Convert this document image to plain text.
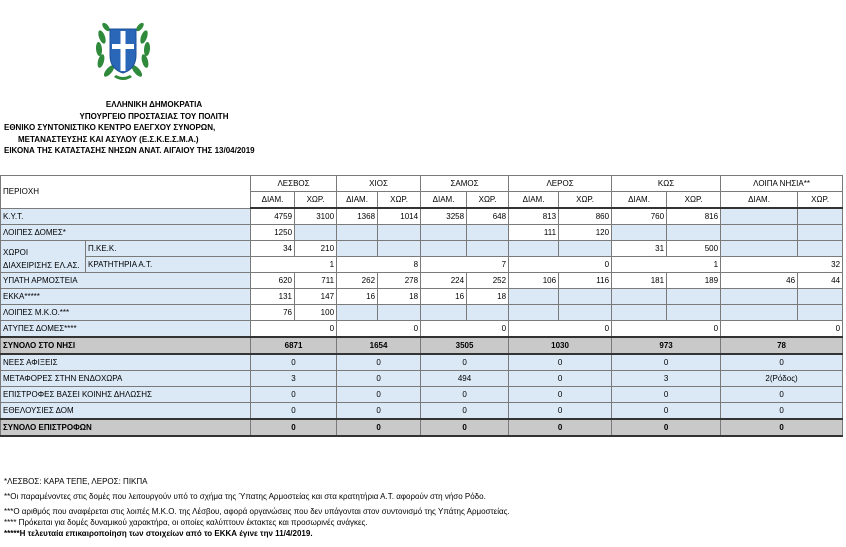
ΕΛΛΗΝΙΚΗ ΔΗΜΟΚΡΑΤΙΑ
ΥΠΟΥΡΓΕΙΟ ΠΡΟΣΤΑΣΙΑΣ ΤΟΥ ΠΟΛΙΤΗ
ΕΘΝΙΚΟ ΣΥΝΤΟΝΙΣΤΙΚΟ ΚΕΝΤΡΟ ΕΛΕΓΧΟΥ ΣΥΝΟΡΩΝ,
ΜΕΤΑΝΑΣΤΕΥΣΗΣ ΚΑΙ ΑΣΥΛΟΥ (Ε.Σ.Κ.Ε.Σ.Μ.Α.)
ΕΙΚΟΝΑ ΤΗΣ ΚΑΤΑΣΤΑΣΗΣ ΝΗΣΩΝ ΑΝΑΤ. ΑΙΓΑΙΟΥ ΤΗΣ 13/04/2019
ΠΕΡΙΟΧΗ		ΛΕΣΒΟΣ		ΧΙΟΣ		ΣΑΜΟΣ		ΛΕΡΟΣ		ΚΩΣ		ΛΟΙΠΑ ΝΗΣΙΑ**	
		ΔΙΑΜ.	ΧΩΡ.	ΔΙΑΜ.	ΧΩΡ.	ΔΙΑΜ.	ΧΩΡ.	ΔΙΑΜ.	ΧΩΡ.	ΔΙΑΜ.	ΧΩΡ.	ΔΙΑΜ.	ΧΩΡ.
Κ.Υ.Τ.		4759	3100	1368	1014	3258	648	813	860	760	816		
ΛΟΙΠΕΣ ΔΟΜΕΣ*		1250						111	120				

ΧΩΡΟΙ
ΔΙΑΧΕΙΡΙΣΗΣ ΕΛ.ΑΣ.	Π.ΚΕ.Κ.	34	210							31	500		
	ΚΡΑΤΗΤΗΡΙΑ Α.Τ.	1		8		7		0		1		32	
ΥΠΑΤΗ ΑΡΜΟΣΤΕΙΑ		620	711	262	278	224	252	106	116	181	189	46	44
ΕΚΚΑ*****		131	147	16	18	16	18						
ΛΟΙΠΕΣ Μ.Κ.Ο.***		76	100										
ΑΤΥΠΕΣ ΔΟΜΕΣ****		0		0		0		0		0		0	
ΣΥΝΟΛΟ ΣΤΟ ΝΗΣΙ		6871		1654		3505		1030		973		78	
ΝΕΕΣ ΑΦΙΞΕΙΣ		0		0		0		0		0		0	
ΜΕΤΑΦΟΡΕΣ ΣΤΗΝ ΕΝΔΟΧΩΡΑ		3		0		494		0		3		2(Ρόδος)	
ΕΠΙΣΤΡΟΦΕΣ ΒΑΣΕΙ ΚΟΙΝΗΣ ΔΗΛΩΣΗΣ		0		0		0		0		0		0	
ΕΘΕΛΟΥΣΙΕΣ ΔΟΜ		0		0		0		0		0		0	
ΣΥΝΟΛΟ ΕΠΙΣΤΡΟΦΩΝ		0		0		0		0		0		0	
*ΛΕΣΒΟΣ: ΚΑΡΑ ΤΕΠΕ, ΛΕΡΟΣ: ΠΙΚΠΑ
**Οι παραμένοντες στις δομές που λειτουργούν υπό το σχήμα της Ύπατης Αρμοστείας και στα κρατητήρια Α.Τ. αφορούν στη νήσο Ρόδο.
***Ο αριθμός που αναφέρεται στις λοιπές Μ.Κ.Ο. της Λέσβου, αφορά οργανώσεις που δεν υπάγονται στον συντονισμό της Υπάτης Αρμοστείας.
**** Πρόκειται για δομές δυναμικού χαρακτήρα, οι οποίες καλύπτουν έκτακτες και προσωρινές ανάγκες.
*****Η τελευταία επικαιροποίηση των στοιχείων από το ΕΚΚΑ έγινε την 11/4/2019.
